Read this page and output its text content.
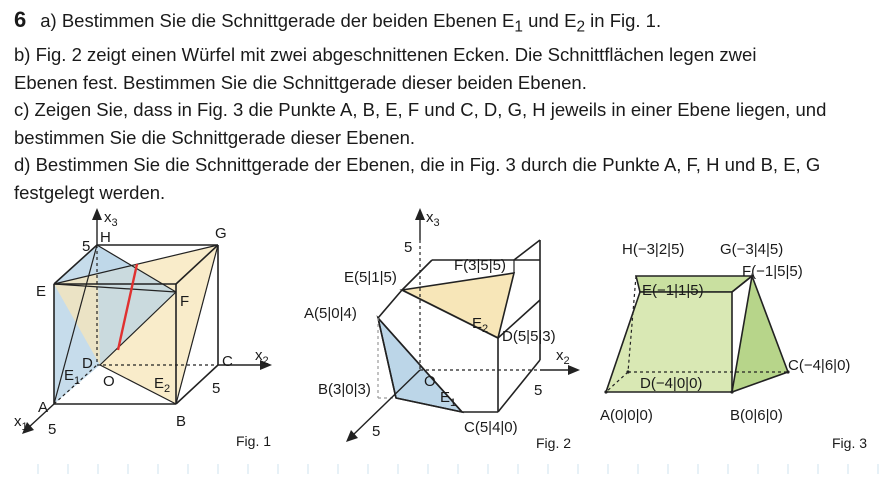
6 a) Bestimmen Sie die Schnittgerade der beiden Ebenen $E_1$ und $E_2$ in Fig. 1.
b) Fig. 2 zeigt einen Würfel mit zwei abgeschnittenen Ecken. Die Schnittflächen legen zwei
Ebenen fest. Bestimmen Sie die Schnittgerade dieser beiden Ebenen.
c) Zeigen Sie, dass in Fig. 3 die Punkte A, B, E, F und C, D, G, H jeweils in einer Ebene liegen, und
bestimmen Sie die Schnittgerade dieser Ebenen.
d) Bestimmen Sie die Schnittgerade der Ebenen, die in Fig. 3 durch die Punkte A, F, H und B, E, G
festgelegt werden.
$x_3$
5
H	G
E
F
D	C
O	5
$x_2$
A
B
5
$x_1$
$E_1$	$E_2$
Fig. 1
$x_3$
5
F(3|5|5)
E(5|1|5)
A(5|0|4)
$E_2$ D(5|5|3)
$x_2$
O
B(3|0|3)	5
$E_1$
C(5|4|0)
5
Fig. 2
H(−3|2|5) G(−3|4|5)
F(−1|5|5)
E(−1|1|5)
D(−4|0|0)
C(−4|6|0)
A(0|0|0)	B(0|6|0)
Fig. 3
